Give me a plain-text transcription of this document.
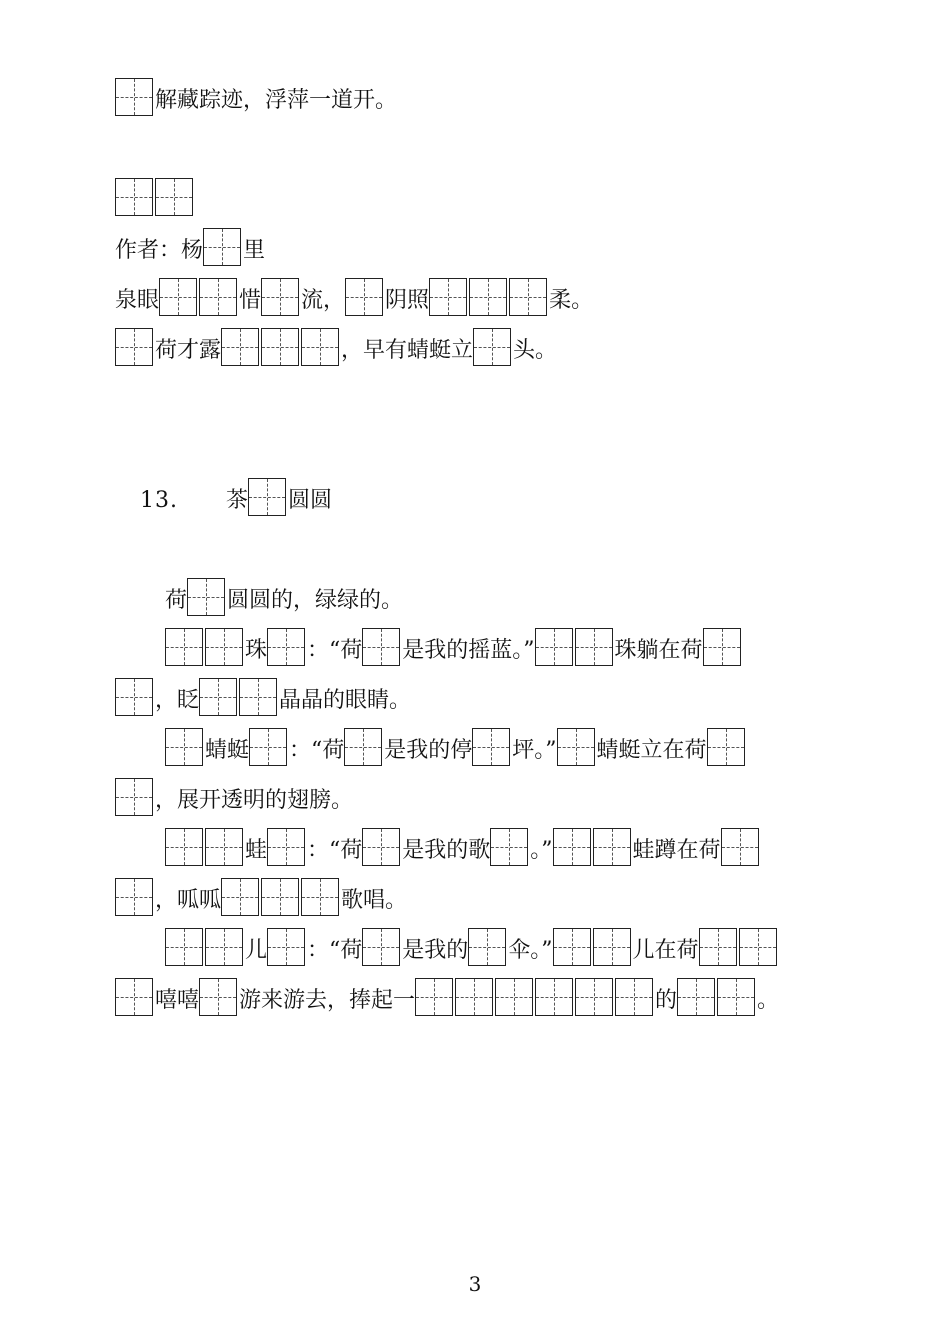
解藏踪迹，浮萍一道开。
作者：杨 里
泉眼	惜 流， 阴照	柔。
荷才露	，早有蜻蜓立 头。
13. 茶 圆圆
荷 圆圆的，绿绿的。
珠 ：“荷 是我的摇蓝。”	珠躺在荷
，眨	晶晶的眼睛。
蜻蜓 ：“荷 是我的停 坪。” 蜻蜓立在荷
，展开透明的翅膀。
蛙 ：“荷 是我的歌 。”	蛙蹲在荷
，呱呱	歌唱。
儿 ：“荷 是我的 伞。”	儿在荷
嘻嘻 游来游去，捧起一	的	。
3
